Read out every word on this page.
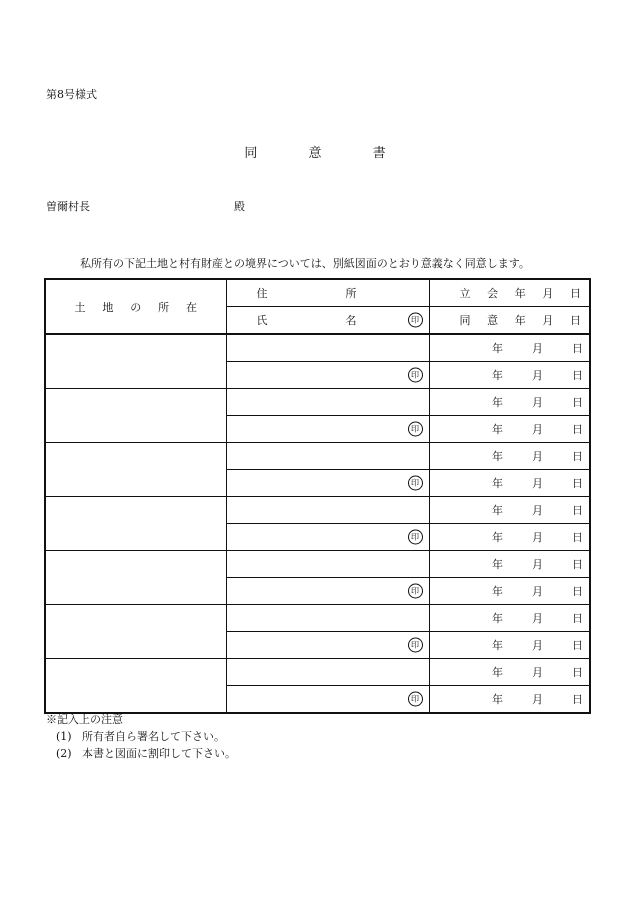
第8号様式
同	意	書
曽爾村長	殿
私所有の下記土地と村有財産との境界については、別紙図面のとおり意義なく同意します。
土 地 の 所 在	住 所	立 会 年 月 日

	氏 名 印	同 意 年 月 日

		年 月 日

	印	年 月 日

		年 月 日

	印	年 月 日

		年 月 日

	印	年 月 日

		年 月 日

	印	年 月 日

		年 月 日

	印	年 月 日

		年 月 日

	印	年 月 日

		年 月 日

	印	年 月 日
※記入上の注意
(1) 所有者自ら署名して下さい。
(2) 本書と図面に割印して下さい。
